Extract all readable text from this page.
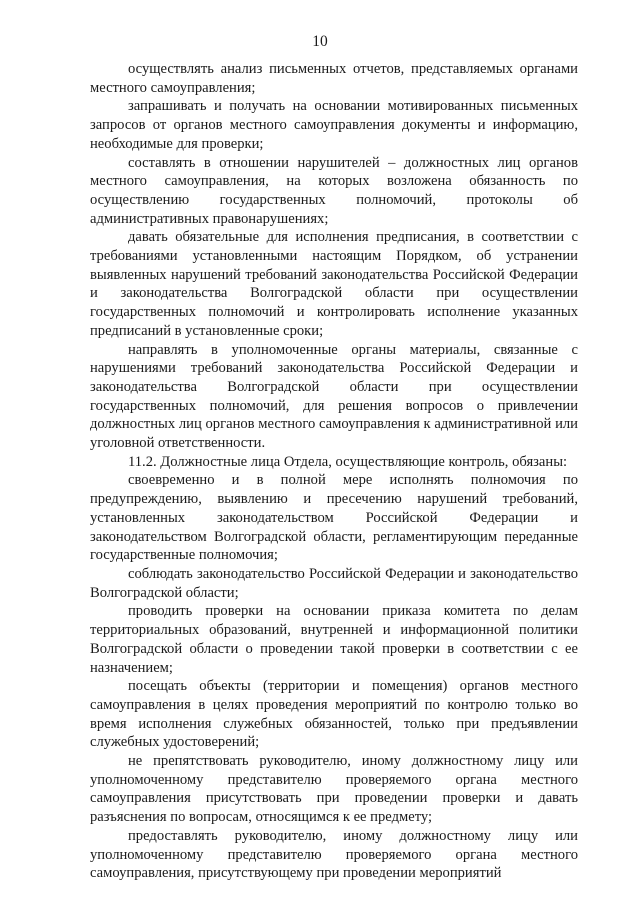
10

осуществлять анализ письменных отчетов, представляемых органами местного самоуправления;

запрашивать и получать на основании мотивированных письменных запросов от органов местного самоуправления документы и информацию, необходимые для проверки;

составлять в отношении нарушителей – должностных лиц органов местного самоуправления, на которых возложена обязанность по осуществлению государственных полномочий, протоколы об административных правонарушениях;

давать обязательные для исполнения предписания, в соответствии с требованиями установленными настоящим Порядком, об устранении выявленных нарушений требований законодательства Российской Федерации и законодательства Волгоградской области при осуществлении государственных полномочий и контролировать исполнение указанных предписаний в установленные сроки;

направлять в уполномоченные органы материалы, связанные с нарушениями требований законодательства Российской Федерации и законодательства Волгоградской области при осуществлении государственных полномочий, для решения вопросов о привлечении должностных лиц органов местного самоуправления к административной или уголовной ответственности.

11.2. Должностные лица Отдела, осуществляющие контроль, обязаны:

своевременно и в полной мере исполнять полномочия по предупреждению, выявлению и пресечению нарушений требований, установленных законодательством Российской Федерации и законодательством Волгоградской области, регламентирующим переданные государственные полномочия;

соблюдать законодательство Российской Федерации и законодательство Волгоградской области;

проводить проверки на основании приказа комитета по делам территориальных образований, внутренней и информационной политики Волгоградской области о проведении такой проверки в соответствии с ее назначением;

посещать объекты (территории и помещения) органов местного самоуправления в целях проведения мероприятий по контролю только во время исполнения служебных обязанностей, только при предъявлении служебных удостоверений;

не препятствовать руководителю, иному должностному лицу или уполномоченному представителю проверяемого органа местного самоуправления присутствовать при проведении проверки и давать разъяснения по вопросам, относящимся к ее предмету;

предоставлять руководителю, иному должностному лицу или уполномоченному представителю проверяемого органа местного самоуправления, присутствующему при проведении мероприятий
